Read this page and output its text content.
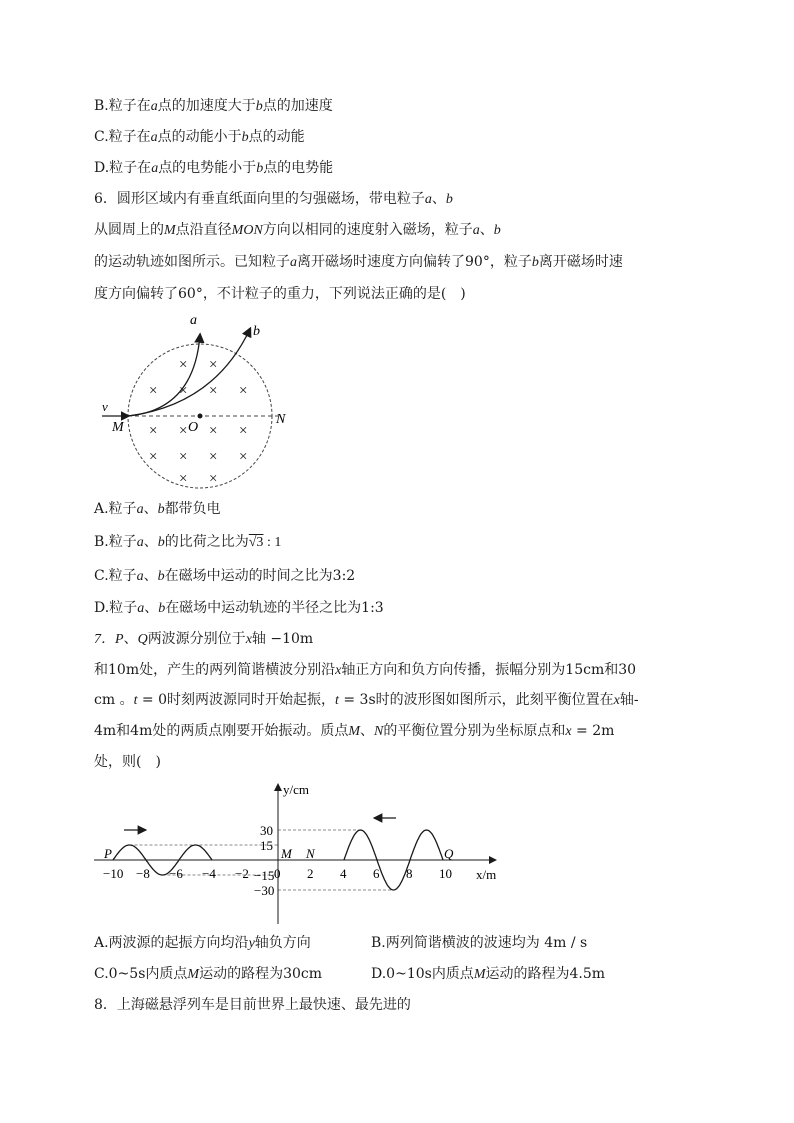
B.粒子在a点的加速度大于b点的加速度
C.粒子在a点的动能小于b点的动能
D.粒子在a点的电势能小于b点的电势能
6．圆形区域内有垂直纸面向里的匀强磁场，带电粒子a、b
从圆周上的M点沿直径MON方向以相同的速度射入磁场，粒子a、b
的运动轨迹如图所示。已知粒子a离开磁场时速度方向偏转了90°，粒子b离开磁场时速
度方向偏转了60°，不计粒子的重力，下列说法正确的是(　)
× ×
× × × ×
× × × ×
× × × ×
× ×
a
b
v
M	O
N
A.粒子a、b都带负电
B.粒子a、b的比荷之比为√3 : 1
C.粒子a、b在磁场中运动的时间之比为3:2
D.粒子a、b在磁场中运动轨迹的半径之比为1:3
7．P、Q两波源分别位于x轴 −10m
和10m处，产生的两列简谐横波分别沿x轴正方向和负方向传播，振幅分别为15cm和30
cm 。t = 0时刻两波源同时开始起振，t = 3s时的波形图如图所示，此刻平衡位置在x轴-
4m和4m处的两质点刚要开始振动。质点M、N的平衡位置分别为坐标原点和x = 2m
处，则(　)
−10 −8 −6 −4 −2 0 2 4 6 8 10
30
15
−15
−30
y/cm
x/m
P	Q
M N
A.两波源的起振方向均沿y轴负方向	B.两列简谐横波的波速均为 4m / s
C.0~5s内质点M运动的路程为30cm	D.0~10s内质点M运动的路程为4.5m
8．上海磁悬浮列车是目前世界上最快速、最先进的
